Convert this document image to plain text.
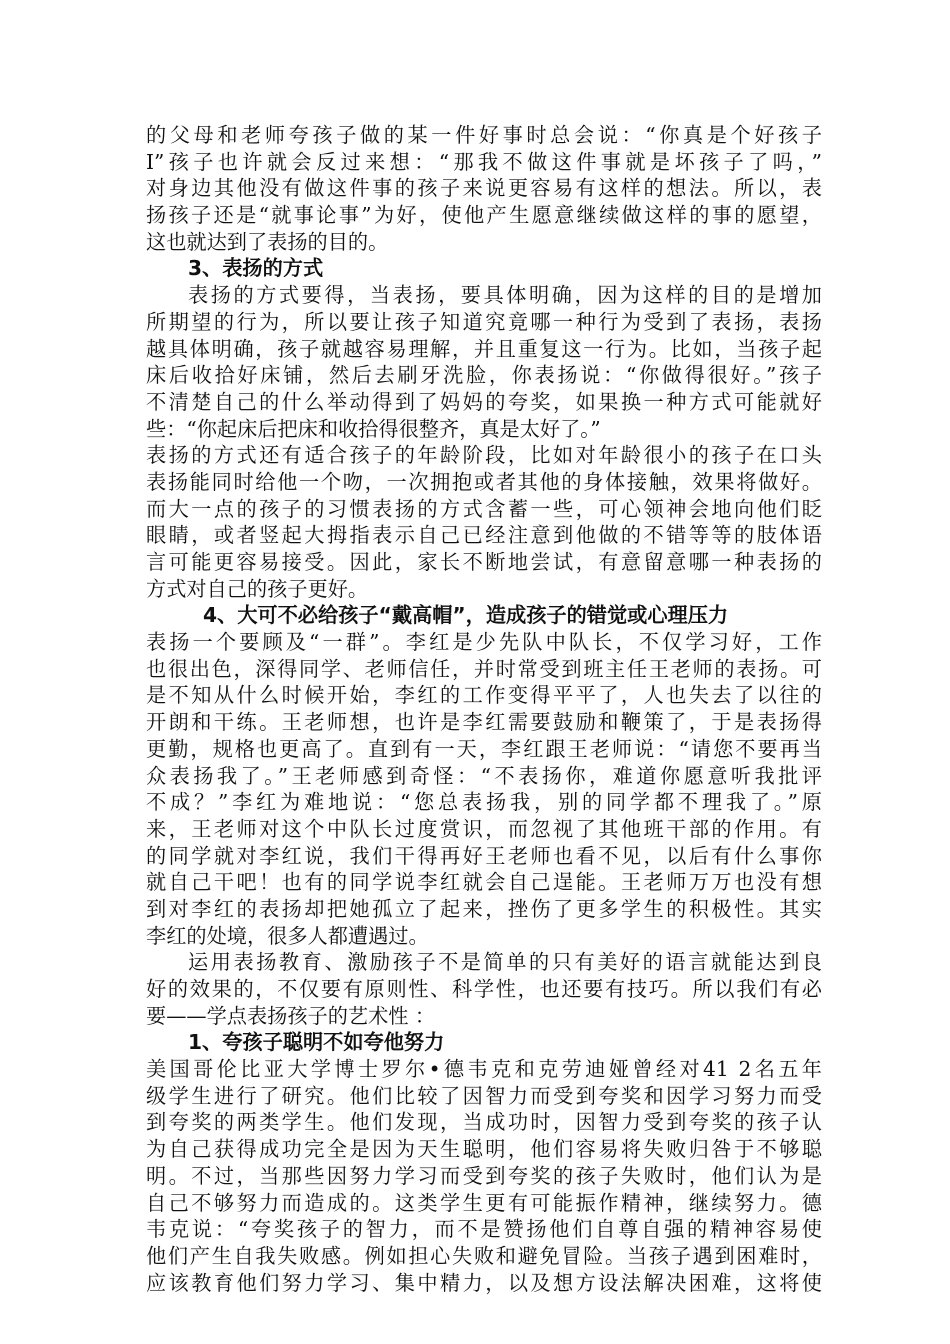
的父母和老师夸孩子做的某一件好事时总会说：“你真是个好孩子
I”孩子也许就会反过来想：“那我不做这件事就是坏孩子了吗，”
对身边其他没有做这件事的孩子来说更容易有这样的想法。所以，表
扬孩子还是“就事论事”为好，使他产生愿意继续做这样的事的愿望，
这也就达到了表扬的目的。
3、表扬的方式
表扬的方式要得，当表扬，要具体明确，因为这样的目的是增加
所期望的行为，所以要让孩子知道究竟哪一种行为受到了表扬，表扬
越具体明确，孩子就越容易理解，并且重复这一行为。比如，当孩子起
床后收拾好床铺，然后去刷牙洗脸，你表扬说：“你做得很好。”孩子
不清楚自己的什么举动得到了妈妈的夸奖，如果换一种方式可能就好
些：“你起床后把床和收拾得很整齐，真是太好了。”
表扬的方式还有适合孩子的年龄阶段，比如对年龄很小的孩子在口头
表扬能同时给他一个吻，一次拥抱或者其他的身体接触，效果将做好。
而大一点的孩子的习惯表扬的方式含蓄一些，可心领神会地向他们眨
眼睛，或者竖起大拇指表示自己已经注意到他做的不错等等的肢体语
言可能更容易接受。因此，家长不断地尝试，有意留意哪一种表扬的
方式对自己的孩子更好。
4、大可不必给孩子“戴高帽”，造成孩子的错觉或心理压力
表扬一个要顾及“一群”。李红是少先队中队长，不仅学习好，工作
也很出色，深得同学、老师信任，并时常受到班主任王老师的表扬。可
是不知从什么时候开始，李红的工作变得平平了，人也失去了以往的
开朗和干练。王老师想，也许是李红需要鼓励和鞭策了，于是表扬得
更勤，规格也更高了。直到有一天，李红跟王老师说：“请您不要再当
众表扬我了。”王老师感到奇怪：“不表扬你，难道你愿意听我批评
不成？”李红为难地说：“您总表扬我，别的同学都不理我了。”原
来，王老师对这个中队长过度赏识，而忽视了其他班干部的作用。有
的同学就对李红说，我们干得再好王老师也看不见，以后有什么事你
就自己干吧！也有的同学说李红就会自己逞能。王老师万万也没有想
到对李红的表扬却把她孤立了起来，挫伤了更多学生的积极性。其实
李红的处境，很多人都遭遇过。
运用表扬教育、激励孩子不是简单的只有美好的语言就能达到良
好的效果的，不仅要有原则性、科学性，也还要有技巧。所以我们有必
要——学点表扬孩子的艺术性 ：
1、夸孩子聪明不如夸他努力
美国哥伦比亚大学博士罗尔•德韦克和克劳迪娅曾经对41 2名五年
级学生进行了研究。他们比较了因智力而受到夸奖和因学习努力而受
到夸奖的两类学生。他们发现，当成功时，因智力受到夸奖的孩子认
为自己获得成功完全是因为天生聪明，他们容易将失败归咎于不够聪
明。不过，当那些因努力学习而受到夸奖的孩子失败时，他们认为是
自己不够努力而造成的。这类学生更有可能振作精神，继续努力。德
韦克说：“夸奖孩子的智力，而不是赞扬他们自尊自强的精神容易使
他们产生自我失败感。例如担心失败和避免冒险。当孩子遇到困难时，
应该教育他们努力学习、集中精力，以及想方设法解决困难，这将使
